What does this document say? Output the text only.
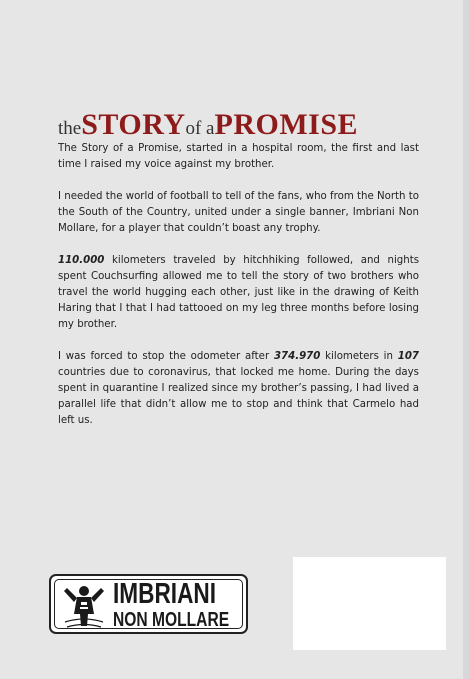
theSTORYof aPROMISE

The Story of a Promise, started in a hospital room, the first and last time I raised my voice against my brother.

I needed the world of football to tell of the fans, who from the North to the South of the Country, united under a single banner, Imbriani Non Mollare, for a player that couldn’t boast any trophy.

110.000 kilometers traveled by hitchhiking followed, and nights spent Couchsurfing allowed me to tell the story of two brothers who travel the world hugging each other, just like in the drawing of Keith Haring that I that I had tattooed on my leg three months before losing my brother.

I was forced to stop the odometer after 374.970 kilometers in 107 countries due to coronavirus, that locked me home. During the days spent in quarantine I realized since my brother’s passing, I had lived a parallel life that didn’t allow me to stop and think that Carmelo had left us.

IMBRIANI
NON MOLLARE
